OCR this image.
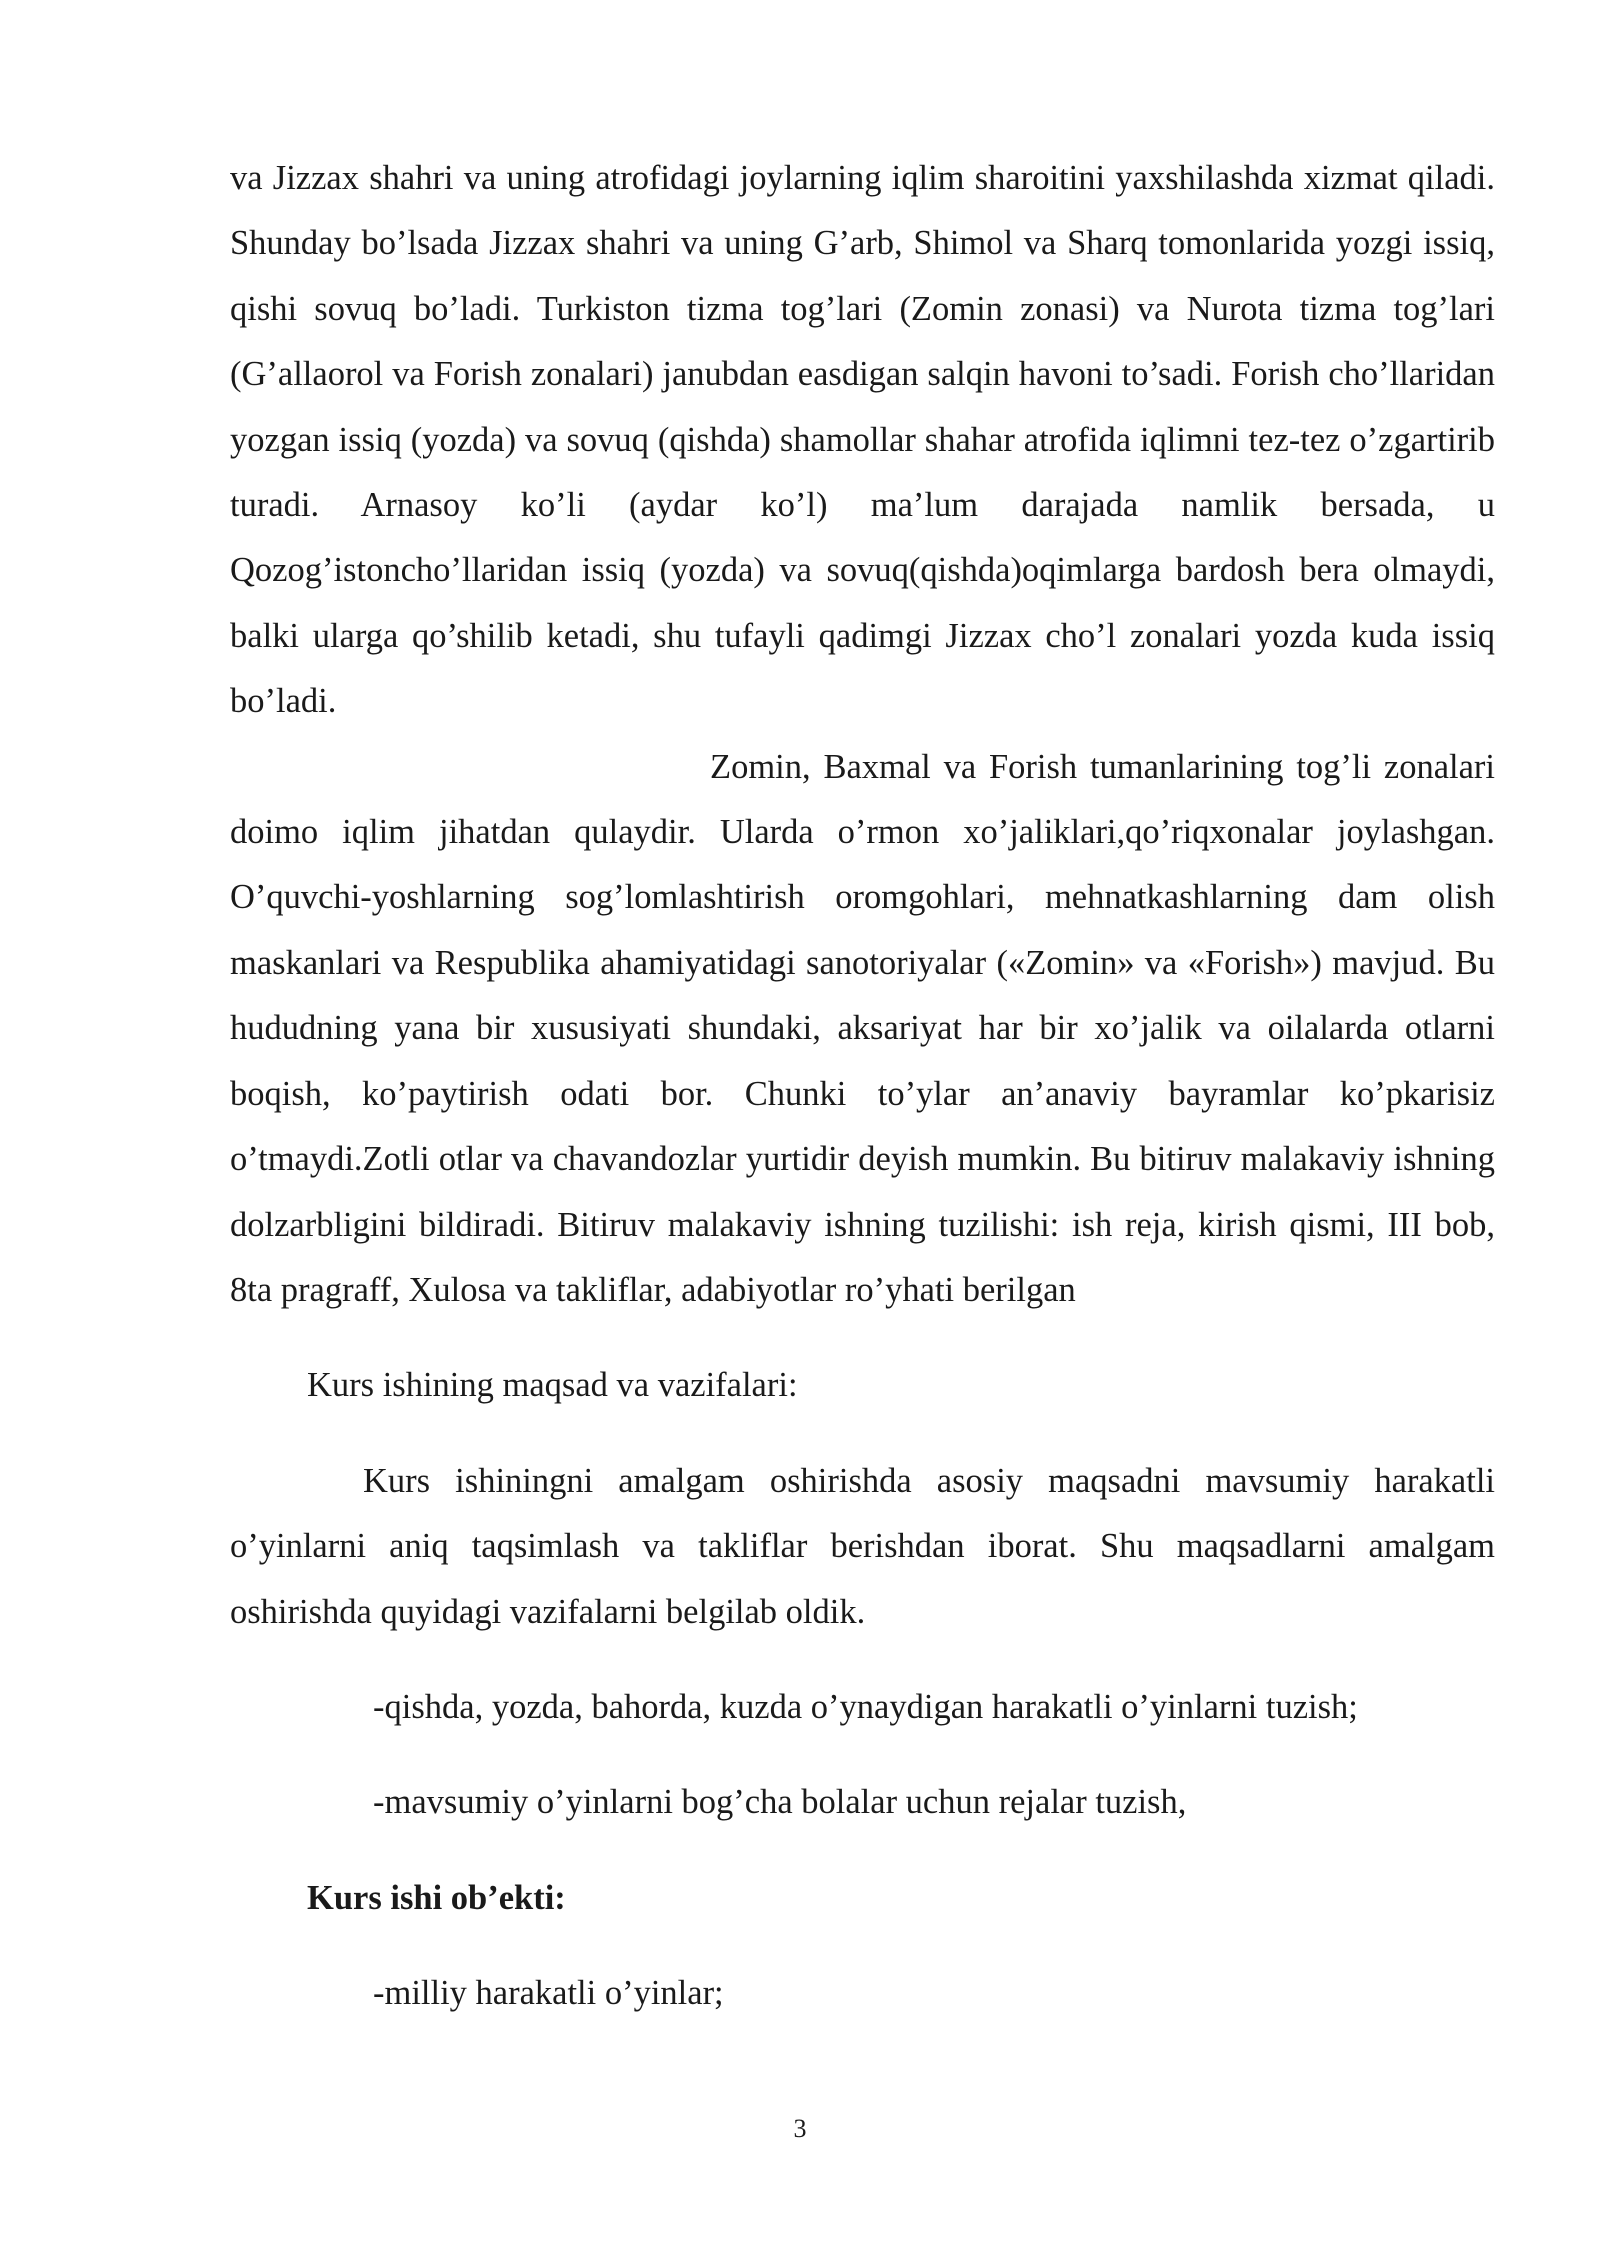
va Jizzax shahri va uning atrofidagi joylarning iqlim sharoitini yaxshilashda xizmat qiladi. Shunday bo’lsada Jizzax shahri va uning G’arb, Shimol va Sharq tomonlarida yozgi issiq, qishi sovuq bo’ladi. Turkiston tizma tog’lari (Zomin zonasi) va Nurota tizma tog’lari (G’allaorol va Forish zonalari) janubdan easdigan salqin havoni to’sadi. Forish cho’llaridan yozgan issiq (yozda) va sovuq (qishda) shamollar shahar atrofida iqlimni tez-tez o’zgartirib turadi. Arnasoy ko’li (aydar ko’l) ma’lum darajada namlik bersada, u Qozog’istoncho’llaridan issiq (yozda) va sovuq(qishda)oqimlarga bardosh bera olmaydi, balki ularga qo’shilib ketadi, shu tufayli qadimgi Jizzax cho’l zonalari yozda kuda issiq bo’ladi.

Zomin, Baxmal va Forish tumanlarining tog’li zonalari doimo iqlim jihatdan qulaydir. Ularda o’rmon xo’jaliklari,qo’riqxonalar joylashgan. O’quvchi-yoshlarning sog’lomlashtirish oromgohlari, mehnatkashlarning dam olish maskanlari va Respublika ahamiyatidagi sanotoriyalar («Zomin» va «Forish») mavjud. Bu hududning yana bir xususiyati shundaki, aksariyat har bir xo’jalik va oilalarda otlarni boqish, ko’paytirish odati bor. Chunki to’ylar an’anaviy bayramlar ko’pkarisiz o’tmaydi.Zotli otlar va chavandozlar yurtidir deyish mumkin. Bu bitiruv malakaviy ishning dolzarbligini bildiradi. Bitiruv malakaviy ishning tuzilishi: ish reja, kirish qismi, III bob, 8ta pragraff, Xulosa va takliflar, adabiyotlar ro’yhati berilgan

Kurs ishining maqsad va vazifalari:

Kurs ishiningni amalgam oshirishda asosiy maqsadni mavsumiy harakatli o’yinlarni aniq taqsimlash va takliflar berishdan iborat. Shu maqsadlarni amalgam oshirishda quyidagi vazifalarni belgilab oldik.

-qishda, yozda, bahorda, kuzda o’ynaydigan harakatli o’yinlarni tuzish;

-mavsumiy o’yinlarni bog’cha bolalar uchun rejalar tuzish,

Kurs ishi ob’ekti:

-milliy harakatli o’yinlar;

3
